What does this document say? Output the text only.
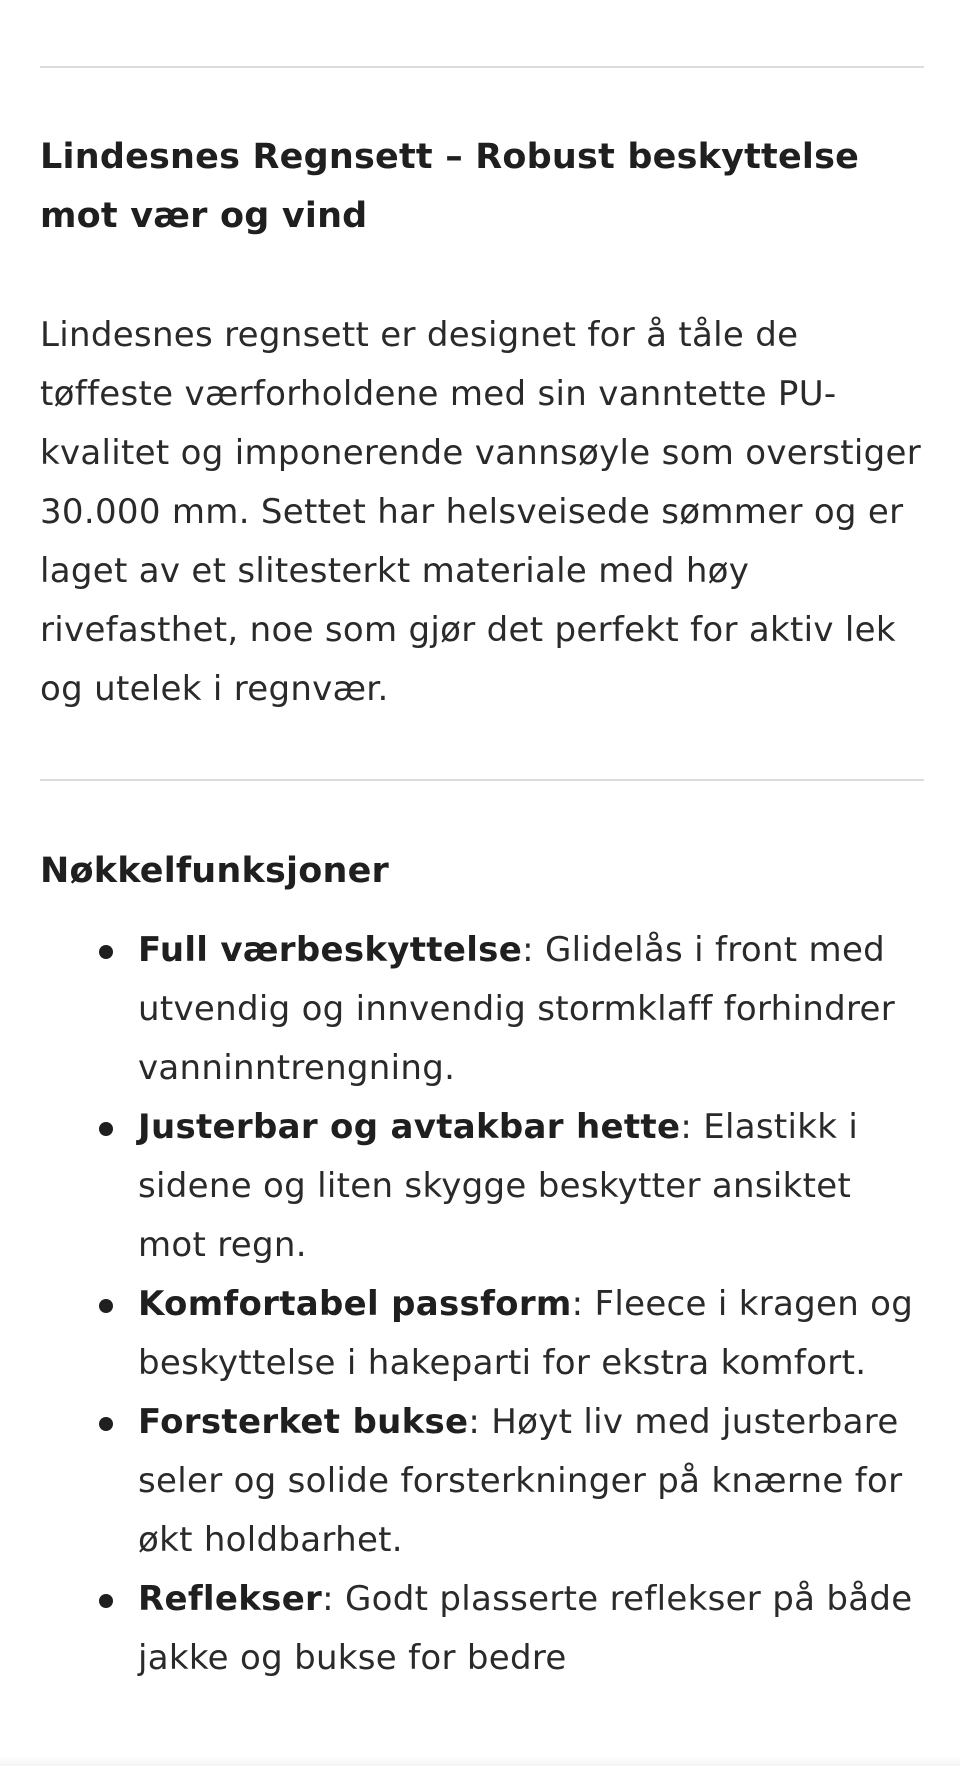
Lindesnes Regnsett – Robust beskyttelse mot vær og vind

Lindesnes regnsett er designet for å tåle de tøffeste værforholdene med sin vanntette PU-kvalitet og imponerende vannsøyle som overstiger 30.000 mm. Settet har helsveisede sømmer og er laget av et slitesterkt materiale med høy rivefasthet, noe som gjør det perfekt for aktiv lek og utelek i regnvær.

Nøkkelfunksjoner
Full værbeskyttelse: Glidelås i front med utvendig og innvendig stormklaff forhindrer vanninntrengning.
Justerbar og avtakbar hette: Elastikk i sidene og liten skygge beskytter ansiktet mot regn.
Komfortabel passform: Fleece i kragen og beskyttelse i hakeparti for ekstra komfort.
Forsterket bukse: Høyt liv med justerbare seler og solide forsterkninger på knærne for økt holdbarhet.
Reflekser: Godt plasserte reflekser på både jakke og bukse for bedre
